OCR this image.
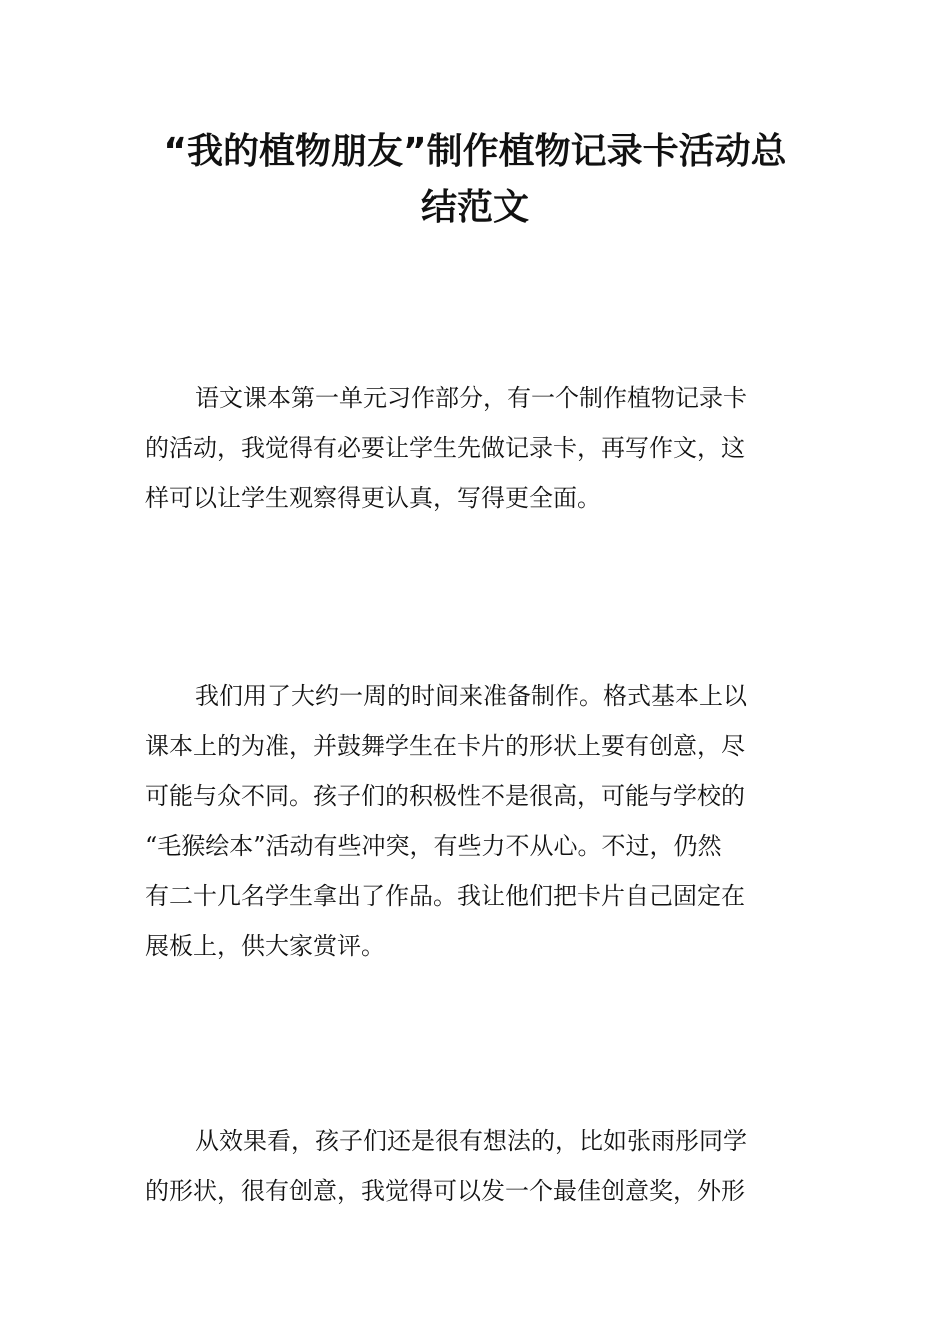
“我的植物朋友”制作植物记录卡活动总
结范文

语文课本第一单元习作部分，有一个制作植物记录卡
的活动，我觉得有必要让学生先做记录卡，再写作文，这
样可以让学生观察得更认真，写得更全面。

我们用了大约一周的时间来准备制作。格式基本上以
课本上的为准，并鼓舞学生在卡片的形状上要有创意，尽
可能与众不同。孩子们的积极性不是很高，可能与学校的
“毛猴绘本”活动有些冲突，有些力不从心。不过，仍然
有二十几名学生拿出了作品。我让他们把卡片自己固定在
展板上，供大家赏评。

从效果看，孩子们还是很有想法的，比如张雨彤同学
的形状，很有创意，我觉得可以发一个最佳创意奖，外形
